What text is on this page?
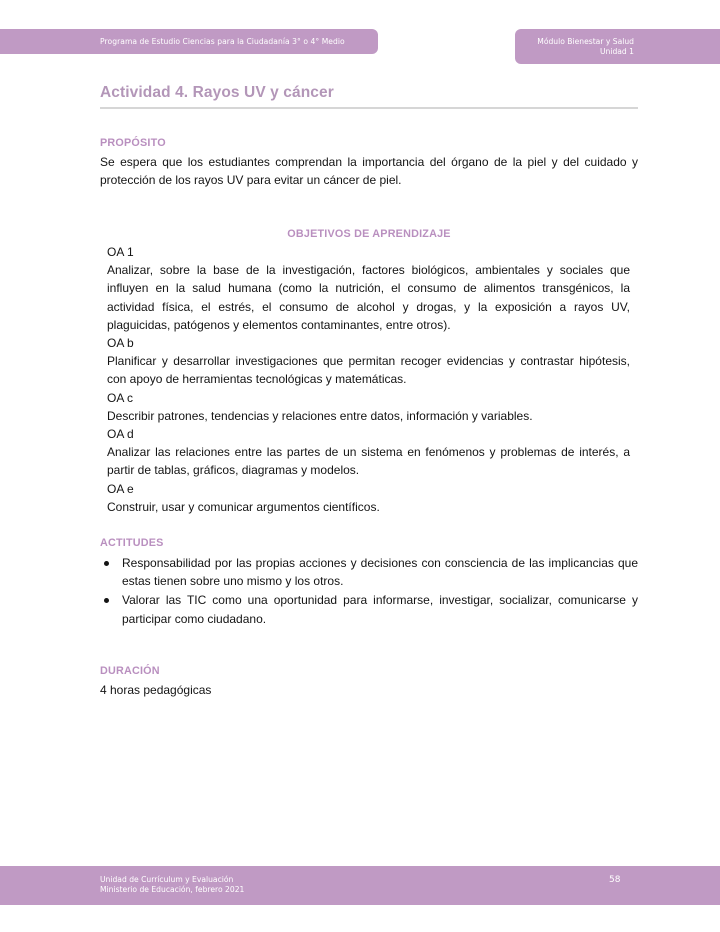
Programa de Estudio Ciencias para la Ciudadanía 3° o 4° Medio	Módulo Bienestar y Salud
Unidad 1
Actividad 4. Rayos UV y cáncer
PROPÓSITO
Se espera que los estudiantes comprendan la importancia del órgano de la piel y del cuidado y protección de los rayos UV para evitar un cáncer de piel.
OBJETIVOS DE APRENDIZAJE
OA 1
Analizar, sobre la base de la investigación, factores biológicos, ambientales y sociales que influyen en la salud humana (como la nutrición, el consumo de alimentos transgénicos, la actividad física, el estrés, el consumo de alcohol y drogas, y la exposición a rayos UV, plaguicidas, patógenos y elementos contaminantes, entre otros).
OA b
Planificar y desarrollar investigaciones que permitan recoger evidencias y contrastar hipótesis, con apoyo de herramientas tecnológicas y matemáticas.
OA c
Describir patrones, tendencias y relaciones entre datos, información y variables.
OA d
Analizar las relaciones entre las partes de un sistema en fenómenos y problemas de interés, a partir de tablas, gráficos, diagramas y modelos.
OA e
Construir, usar y comunicar argumentos científicos.
ACTITUDES
Responsabilidad por las propias acciones y decisiones con consciencia de las implicancias que estas tienen sobre uno mismo y los otros.
Valorar las TIC como una oportunidad para informarse, investigar, socializar, comunicarse y participar como ciudadano.
DURACIÓN
4 horas pedagógicas
Unidad de Currículum y Evaluación
Ministerio de Educación, febrero 2021
58
